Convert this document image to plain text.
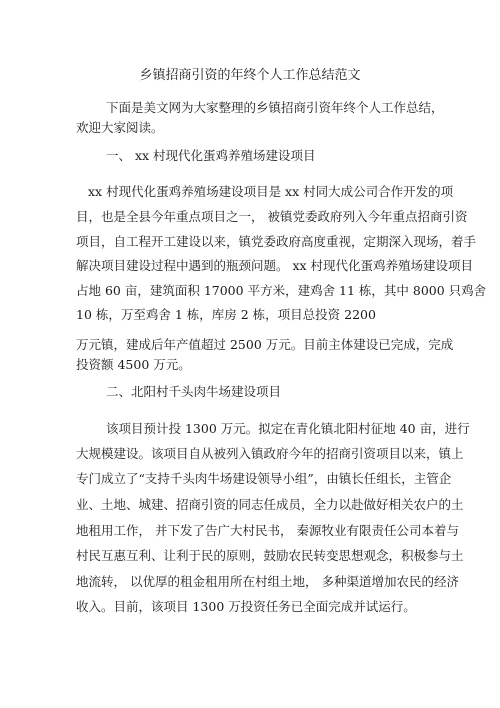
乡镇招商引资的年终个人工作总结范文
下面是美文网为大家整理的乡镇招商引资年终个人工作总结，
欢迎大家阅读。
一、 xx 村现代化蛋鸡养殖场建设项目
xx 村现代化蛋鸡养殖场建设项目是 xx 村同大成公司合作开发的项
目，也是全县今年重点项目之一， 被镇党委政府列入今年重点招商引资
项目，自工程开工建设以来，镇党委政府高度重视，定期深入现场，着手
解决项目建设过程中遇到的瓶颈问题。 xx 村现代化蛋鸡养殖场建设项目
占地 60 亩，建筑面积 17000 平方米，建鸡舍 11 栋，其中 8000 只鸡舍
10 栋，万至鸡舍 1 栋，库房 2 栋，项目总投资 2200
万元镇，建成后年产值超过 2500 万元。目前主体建设已完成，完成
投资额 4500 万元。
二、北阳村千头肉牛场建设项目
该项目预计投 1300 万元。拟定在青化镇北阳村征地 40 亩，进行
大规模建设。该项目自从被列入镇政府今年的招商引资项目以来，镇上
专门成立了“支持千头肉牛场建设领导小组”，由镇长任组长，主管企
业、土地、城建、招商引资的同志任成员，全力以赴做好相关农户的土
地租用工作， 并下发了告广大村民书， 秦源牧业有限责任公司本着与
村民互惠互利、让利于民的原则，鼓励农民转变思想观念，积极参与土
地流转， 以优厚的租金租用所在村组土地， 多种渠道增加农民的经济
收入。目前，该项目 1300 万投资任务已全面完成并试运行。
